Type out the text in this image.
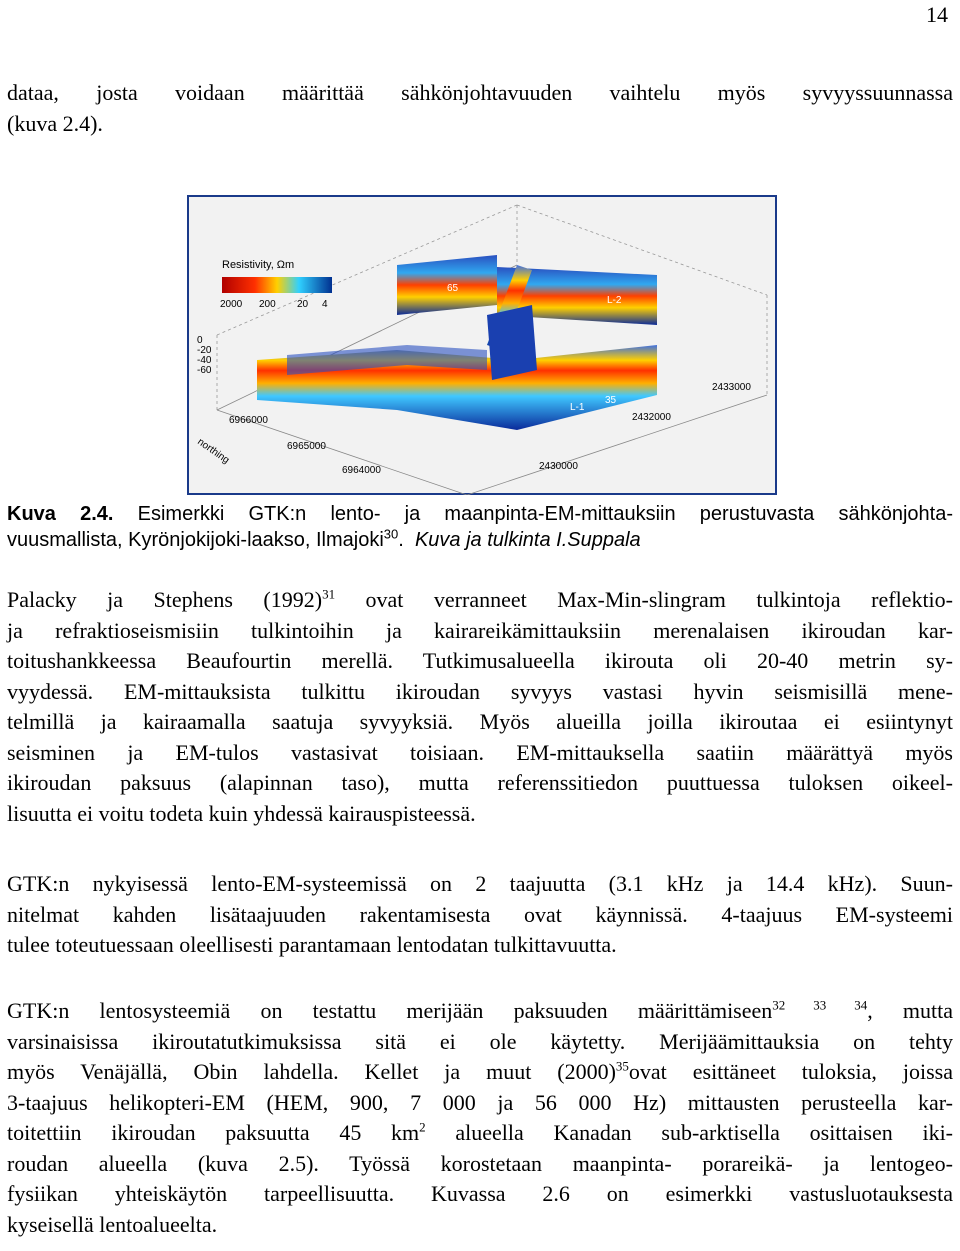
14
dataa, josta voidaan määrittää sähkönjohtavuuden vaihtelu myös syvyyssuunnassa
(kuva 2.4).
Resistivity, Ωm
2000 200 20 4
0
-20
-40
-60
6966000
6965000
6964000
northing
2433000
2432000
2430000
65
L-2
35
L-1
Kuva 2.4. Esimerkki GTK:n lento- ja maanpinta-EM-mittauksiin perustuvasta sähkönjohta-
vuusmallista, Kyrönjokijoki-laakso, Ilmajoki$^{30}$. Kuva ja tulkinta I.Suppala
Palacky ja Stephens $(1992)^{31}$ ovat verranneet Max-Min-slingram tulkintoja reflektio-
ja refraktioseismisiin tulkintoihin ja kairareikämittauksiin merenalaisen ikiroudan kar-
toitushankkeessa Beaufourtin merellä. Tutkimusalueella ikirouta oli 20-40 metrin sy-
vyydessä. EM-mittauksista tulkittu ikiroudan syvyys vastasi hyvin seismisillä mene-
telmillä ja kairaamalla saatuja syvyyksiä. Myös alueilla joilla ikiroutaa ei esiintynyt
seisminen ja EM-tulos vastasivat toisiaan. EM-mittauksella saatiin määrättyä myös
ikiroudan paksuus (alapinnan taso), mutta referenssitiedon puuttuessa tuloksen oikeel-
lisuutta ei voitu todeta kuin yhdessä kairauspisteessä.
GTK:n nykyisessä lento-EM-systeemissä on 2 taajuutta (3.1 kHz ja 14.4 kHz). Suun-
nitelmat kahden lisätaajuuden rakentamisesta ovat käynnissä. 4-taajuus EM-systeemi
tulee toteutuessaan oleellisesti parantamaan lentodatan tulkittavuutta.
GTK:n lentosysteemiä on testattu merijään paksuuden määrittämiseen$^{32 33 34}$, mutta
varsinaisissa ikiroutatutkimuksissa sitä ei ole käytetty. Merijäämittauksia on tehty
myös Venäjällä, Obin lahdella. Kellet ja muut $(2000)^{35}ovat$ esittäneet tuloksia, joissa
3-taajuus helikopteri-EM (HEM, 900, 7 000 ja 56 000 Hz) mittausten perusteella kar-
toitettiin ikiroudan paksuutta 45 $km^2$ alueella Kanadan sub-arktisella osittaisen iki-
roudan alueella (kuva 2.5). Työssä korostetaan maanpinta- porareikä- ja lentogeo-
fysiikan yhteiskäytön tarpeellisuutta. Kuvassa 2.6 on esimerkki vastusluotauksesta
kyseisellä lentoalueelta.
